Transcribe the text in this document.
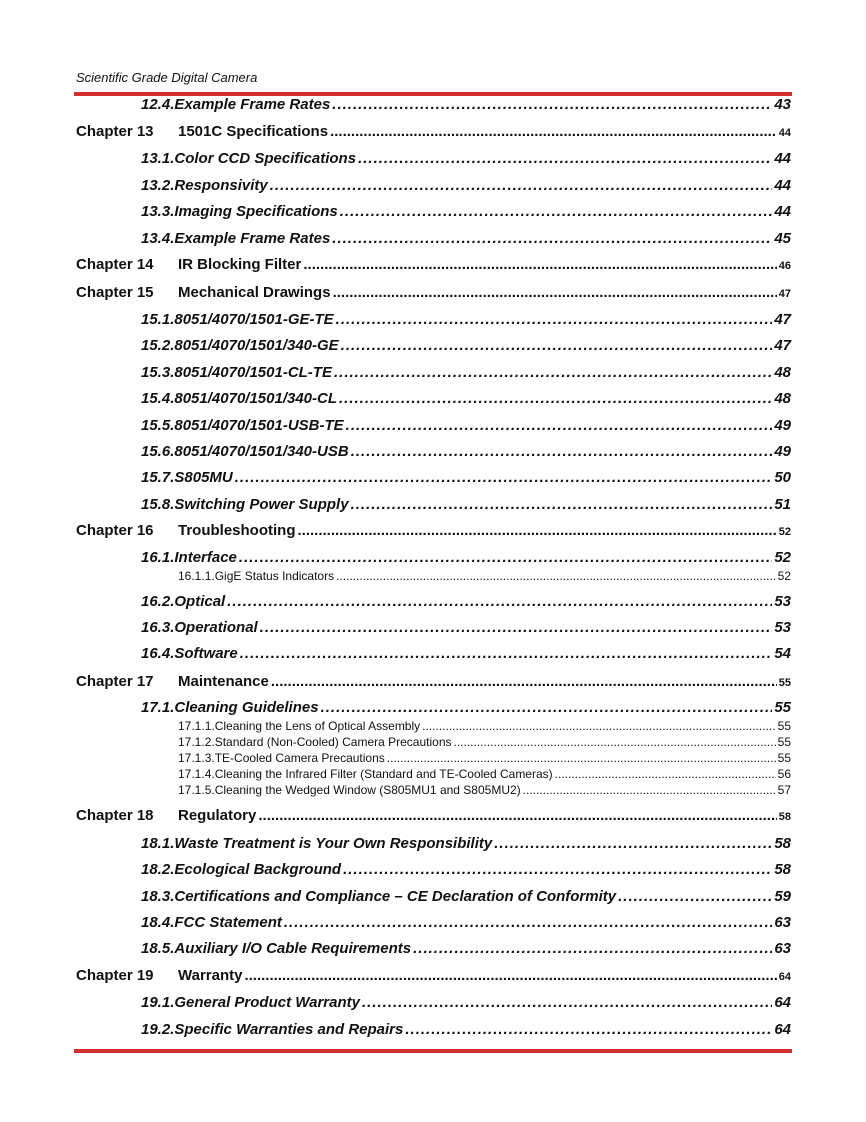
Scientific Grade Digital Camera
12.4. Example Frame Rates .....	43
Chapter 13	1501C Specifications .....	44
13.1. Color CCD Specifications .....	44
13.2. Responsivity .....	44
13.3. Imaging Specifications .....	44
13.4. Example Frame Rates .....	45
Chapter 14	IR Blocking Filter .....	46
Chapter 15	Mechanical Drawings .....	47
15.1. 8051/4070/1501-GE-TE .....	47
15.2. 8051/4070/1501/340-GE .....	47
15.3. 8051/4070/1501-CL-TE .....	48
15.4. 8051/4070/1501/340-CL .....	48
15.5. 8051/4070/1501-USB-TE .....	49
15.6. 8051/4070/1501/340-USB .....	49
15.7. S805MU .....	50
15.8. Switching Power Supply .....	51
Chapter 16	Troubleshooting .....	52
16.1. Interface .....	52
16.1.1. GigE Status Indicators .....	52
16.2. Optical .....	53
16.3. Operational .....	53
16.4. Software .....	54
Chapter 17	Maintenance .....	55
17.1. Cleaning Guidelines .....	55
17.1.1. Cleaning the Lens of Optical Assembly .....	55
17.1.2. Standard (Non-Cooled) Camera Precautions .....	55
17.1.3. TE-Cooled Camera Precautions .....	55
17.1.4. Cleaning the Infrared Filter (Standard and TE-Cooled Cameras) .....	56
17.1.5. Cleaning the Wedged Window (S805MU1 and S805MU2) .....	57
Chapter 18	Regulatory .....	58
18.1. Waste Treatment is Your Own Responsibility .....	58
18.2. Ecological Background .....	58
18.3. Certifications and Compliance – CE Declaration of Conformity .....	59
18.4. FCC Statement .....	63
18.5. Auxiliary I/O Cable Requirements .....	63
Chapter 19	Warranty .....	64
19.1. General Product Warranty .....	64
19.2. Specific Warranties and Repairs .....	64
